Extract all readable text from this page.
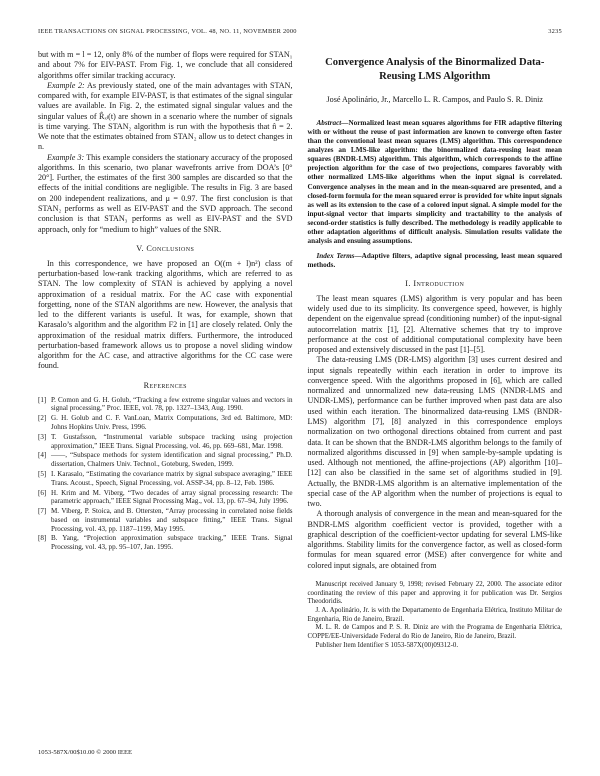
IEEE TRANSACTIONS ON SIGNAL PROCESSING, VOL. 48, NO. 11, NOVEMBER 2000	3235

but with m = l = 12, only 8% of the number of flops were required for STAN₁ and about 7% for EIV-PAST. From Fig. 1, we conclude that all considered algorithms offer similar tracking accuracy.

Example 2: As previously stated, one of the main advantages with STAN, compared with, for example EIV-PAST, is that estimates of the signal singular values are available. In Fig. 2, the estimated signal singular values and the singular values of R̂ₓₗ(t) are shown in a scenario where the number of signals is time varying. The STAN₂ algorithm is run with the hypothesis that n̂ = 2. We note that the estimates obtained from STAN₂ allow us to detect changes in n.

Example 3: This example considers the stationary accuracy of the proposed algorithms. In this scenario, two planar wavefronts arrive from DOA’s [0° 20°]. Further, the estimates of the first 300 samples are discarded so that the effects of the initial conditions are negligible. The results in Fig. 3 are based on 200 independent realizations, and μ = 0.97. The first conclusion is that STAN₂ performs as well as EIV-PAST and the SVD approach. The second conclusion is that STAN₃ performs as well as EIV-PAST and the SVD approach, only for “medium to high” values of the SNR.

V. Conclusions

In this correspondence, we have proposed an O((m + l)n²) class of perturbation-based low-rank tracking algorithms, which are referred to as STAN. The low complexity of STAN is achieved by applying a novel approximation of a residual matrix. For the AC case with exponential forgetting, none of the STAN algorithms are new. However, the analysis that led to the different variants is useful. It was, for example, shown that Karasalo’s algorithm and the algorithm F2 in [1] are closely related. Only the approximation of the residual matrix differs. Furthermore, the introduced perturbation-based framework allows us to propose a novel sliding window algorithm for the AC case, and attractive algorithms for the CC case were found.

References
[1] P. Comon and G. H. Golub, “Tracking a few extreme singular values and vectors in signal processing,” Proc. IEEE, vol. 78, pp. 1327–1343, Aug. 1990.
[2] G. H. Golub and C. F. VanLoan, Matrix Computations, 3rd ed. Baltimore, MD: Johns Hopkins Univ. Press, 1996.
[3] T. Gustafsson, “Instrumental variable subspace tracking using projection approximation,” IEEE Trans. Signal Processing, vol. 46, pp. 669–681, Mar. 1998.
[4] ——, “Subspace methods for system identification and signal processing,” Ph.D. dissertation, Chalmers Univ. Technol., Goteburg, Sweden, 1999.
[5] I. Karasalo, “Estimating the covariance matrix by signal subspace averaging,” IEEE Trans. Acoust., Speech, Signal Processing, vol. ASSP-34, pp. 8–12, Feb. 1986.
[6] H. Krim and M. Viberg, “Two decades of array signal processing research: The parametric approach,” IEEE Signal Processing Mag., vol. 13, pp. 67–94, July 1996.
[7] M. Viberg, P. Stoica, and B. Ottersten, “Array processing in correlated noise fields based on instrumental variables and subspace fitting,” IEEE Trans. Signal Processing, vol. 43, pp. 1187–1199, May 1995.
[8] B. Yang, “Projection approximation subspace tracking,” IEEE Trans. Signal Processing, vol. 43, pp. 95–107, Jan. 1995.
Convergence Analysis of the Binormalized Data-Reusing LMS Algorithm
José Apolinário, Jr., Marcello L. R. Campos, and Paulo S. R. Diniz

Abstract—Normalized least mean squares algorithms for FIR adaptive filtering with or without the reuse of past information are known to converge often faster than the conventional least mean squares (LMS) algorithm. This correspondence analyzes an LMS-like algorithm: the binormalized data-reusing least mean squares (BNDR-LMS) algorithm. This algorithm, which corresponds to the affine projection algorithm for the case of two projections, compares favorably with other normalized LMS-like algorithms when the input signal is correlated. Convergence analyses in the mean and in the mean-squared are presented, and a closed-form formula for the mean squared error is provided for white input signals as well as its extension to the case of a colored input signal. A simple model for the input-signal vector that imparts simplicity and tractability to the analysis of second-order statistics is fully described. The methodology is readily applicable to other adaptation algorithms of difficult analysis. Simulation results validate the analysis and ensuing assumptions.

Index Terms—Adaptive filters, adaptive signal processing, least mean squared methods.

I. Introduction

The least mean squares (LMS) algorithm is very popular and has been widely used due to its simplicity. Its convergence speed, however, is highly dependent on the eigenvalue spread (conditioning number) of the input-signal autocorrelation matrix [1], [2]. Alternative schemes that try to improve performance at the cost of additional computational complexity have been proposed and extensively discussed in the past [1]–[5].

The data-reusing LMS (DR-LMS) algorithm [3] uses current desired and input signals repeatedly within each iteration in order to improve its convergence speed. With the algorithms proposed in [6], which are called normalized and unnormalized new data-reusing LMS (NNDR-LMS and UNDR-LMS), performance can be further improved when past data are also used within each iteration. The binormalized data-reusing LMS (BNDR-LMS) algorithm [7], [8] analyzed in this correspondence employs normalization on two orthogonal directions obtained from current and past data. It can be shown that the BNDR-LMS algorithm belongs to the family of normalized algorithms discussed in [9] when sample-by-sample updating is used. Although not mentioned, the affine-projections (AP) algorithm [10]–[12] can also be classified in the same set of algorithms studied in [9]. Actually, the BNDR-LMS algorithm is an alternative implementation of the special case of the AP algorithm when the number of projections is equal to two.

A thorough analysis of convergence in the mean and mean-squared for the BNDR-LMS algorithm coefficient vector is provided, together with a graphical description of the coefficient-vector updating for several LMS-like algorithms. Stability limits for the convergence factor, as well as closed-form formulas for mean squared error (MSE) after convergence for white and colored input signals, are obtained from

Manuscript received January 9, 1998; revised February 22, 2000. The associate editor coordinating the review of this paper and approving it for publication was Dr. Sergios Theodoridis.

J. A. Apolinário, Jr. is with the Departamento de Engenharia Elétrica, Instituto Militar de Engenharia, Rio de Janeiro, Brazil.

M. L. R. de Campos and P. S. R. Diniz are with the Programa de Engenharia Elétrica, COPPE/EE-Universidade Federal do Rio de Janeiro, Rio de Janeiro, Brazil.

Publisher Item Identifier S 1053-587X(00)09312-0.

1053-587X/00$10.00 © 2000 IEEE
